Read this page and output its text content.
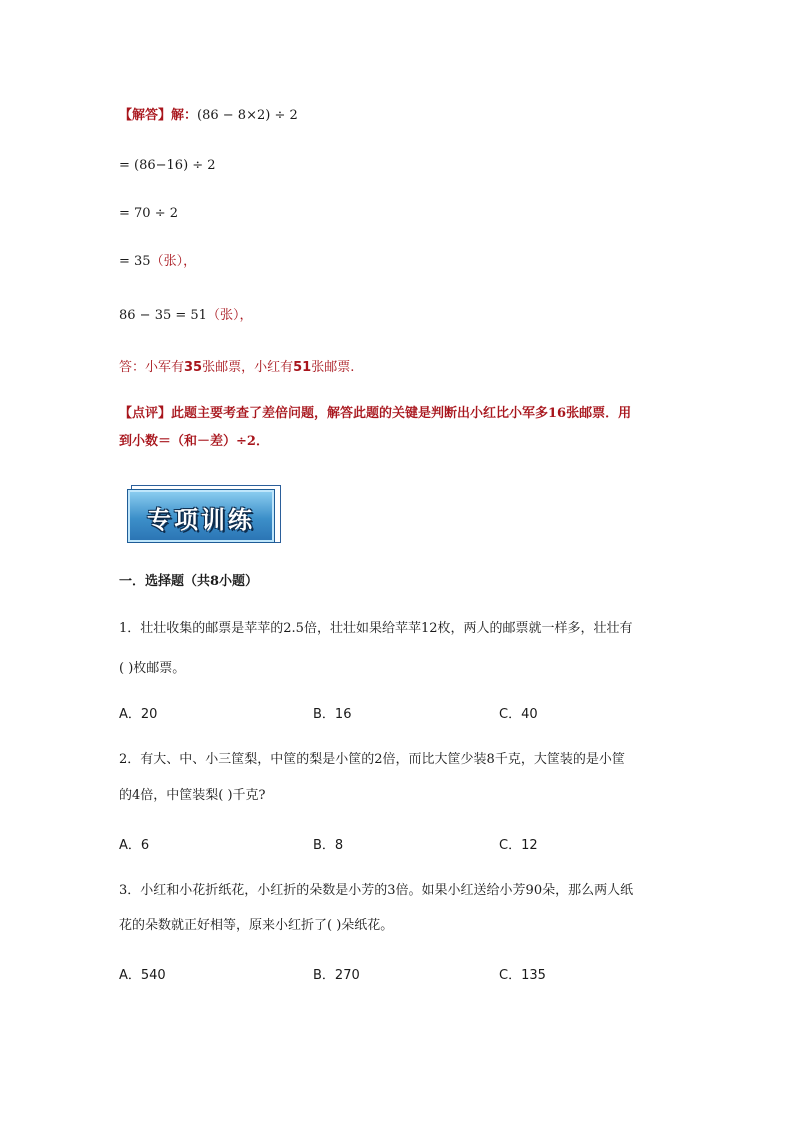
【解答】解：(86 − 8×2) ÷ 2
= (86−16) ÷ 2
= 70 ÷ 2
= 35（张），
86 − 35 = 51（张），
答：小军有35张邮票，小红有51张邮票.
【点评】此题主要考查了差倍问题，解答此题的关键是判断出小红比小军多16张邮票．用
到小数＝（和－差）÷2．
专项训练
一．选择题（共8小题）
1．壮壮收集的邮票是苹苹的2.5倍，壮壮如果给苹苹12枚，两人的邮票就一样多，壮壮有
( )枚邮票。
A．20	B．16	C．40
2．有大、中、小三筐梨，中筐的梨是小筐的2倍，而比大筐少装8千克，大筐装的是小筐
的4倍，中筐装梨( )千克?
A．6	B．8	C．12
3．小红和小花折纸花，小红折的朵数是小芳的3倍。如果小红送给小芳90朵，那么两人纸
花的朵数就正好相等，原来小红折了( )朵纸花。
A．540	B．270	C．135
